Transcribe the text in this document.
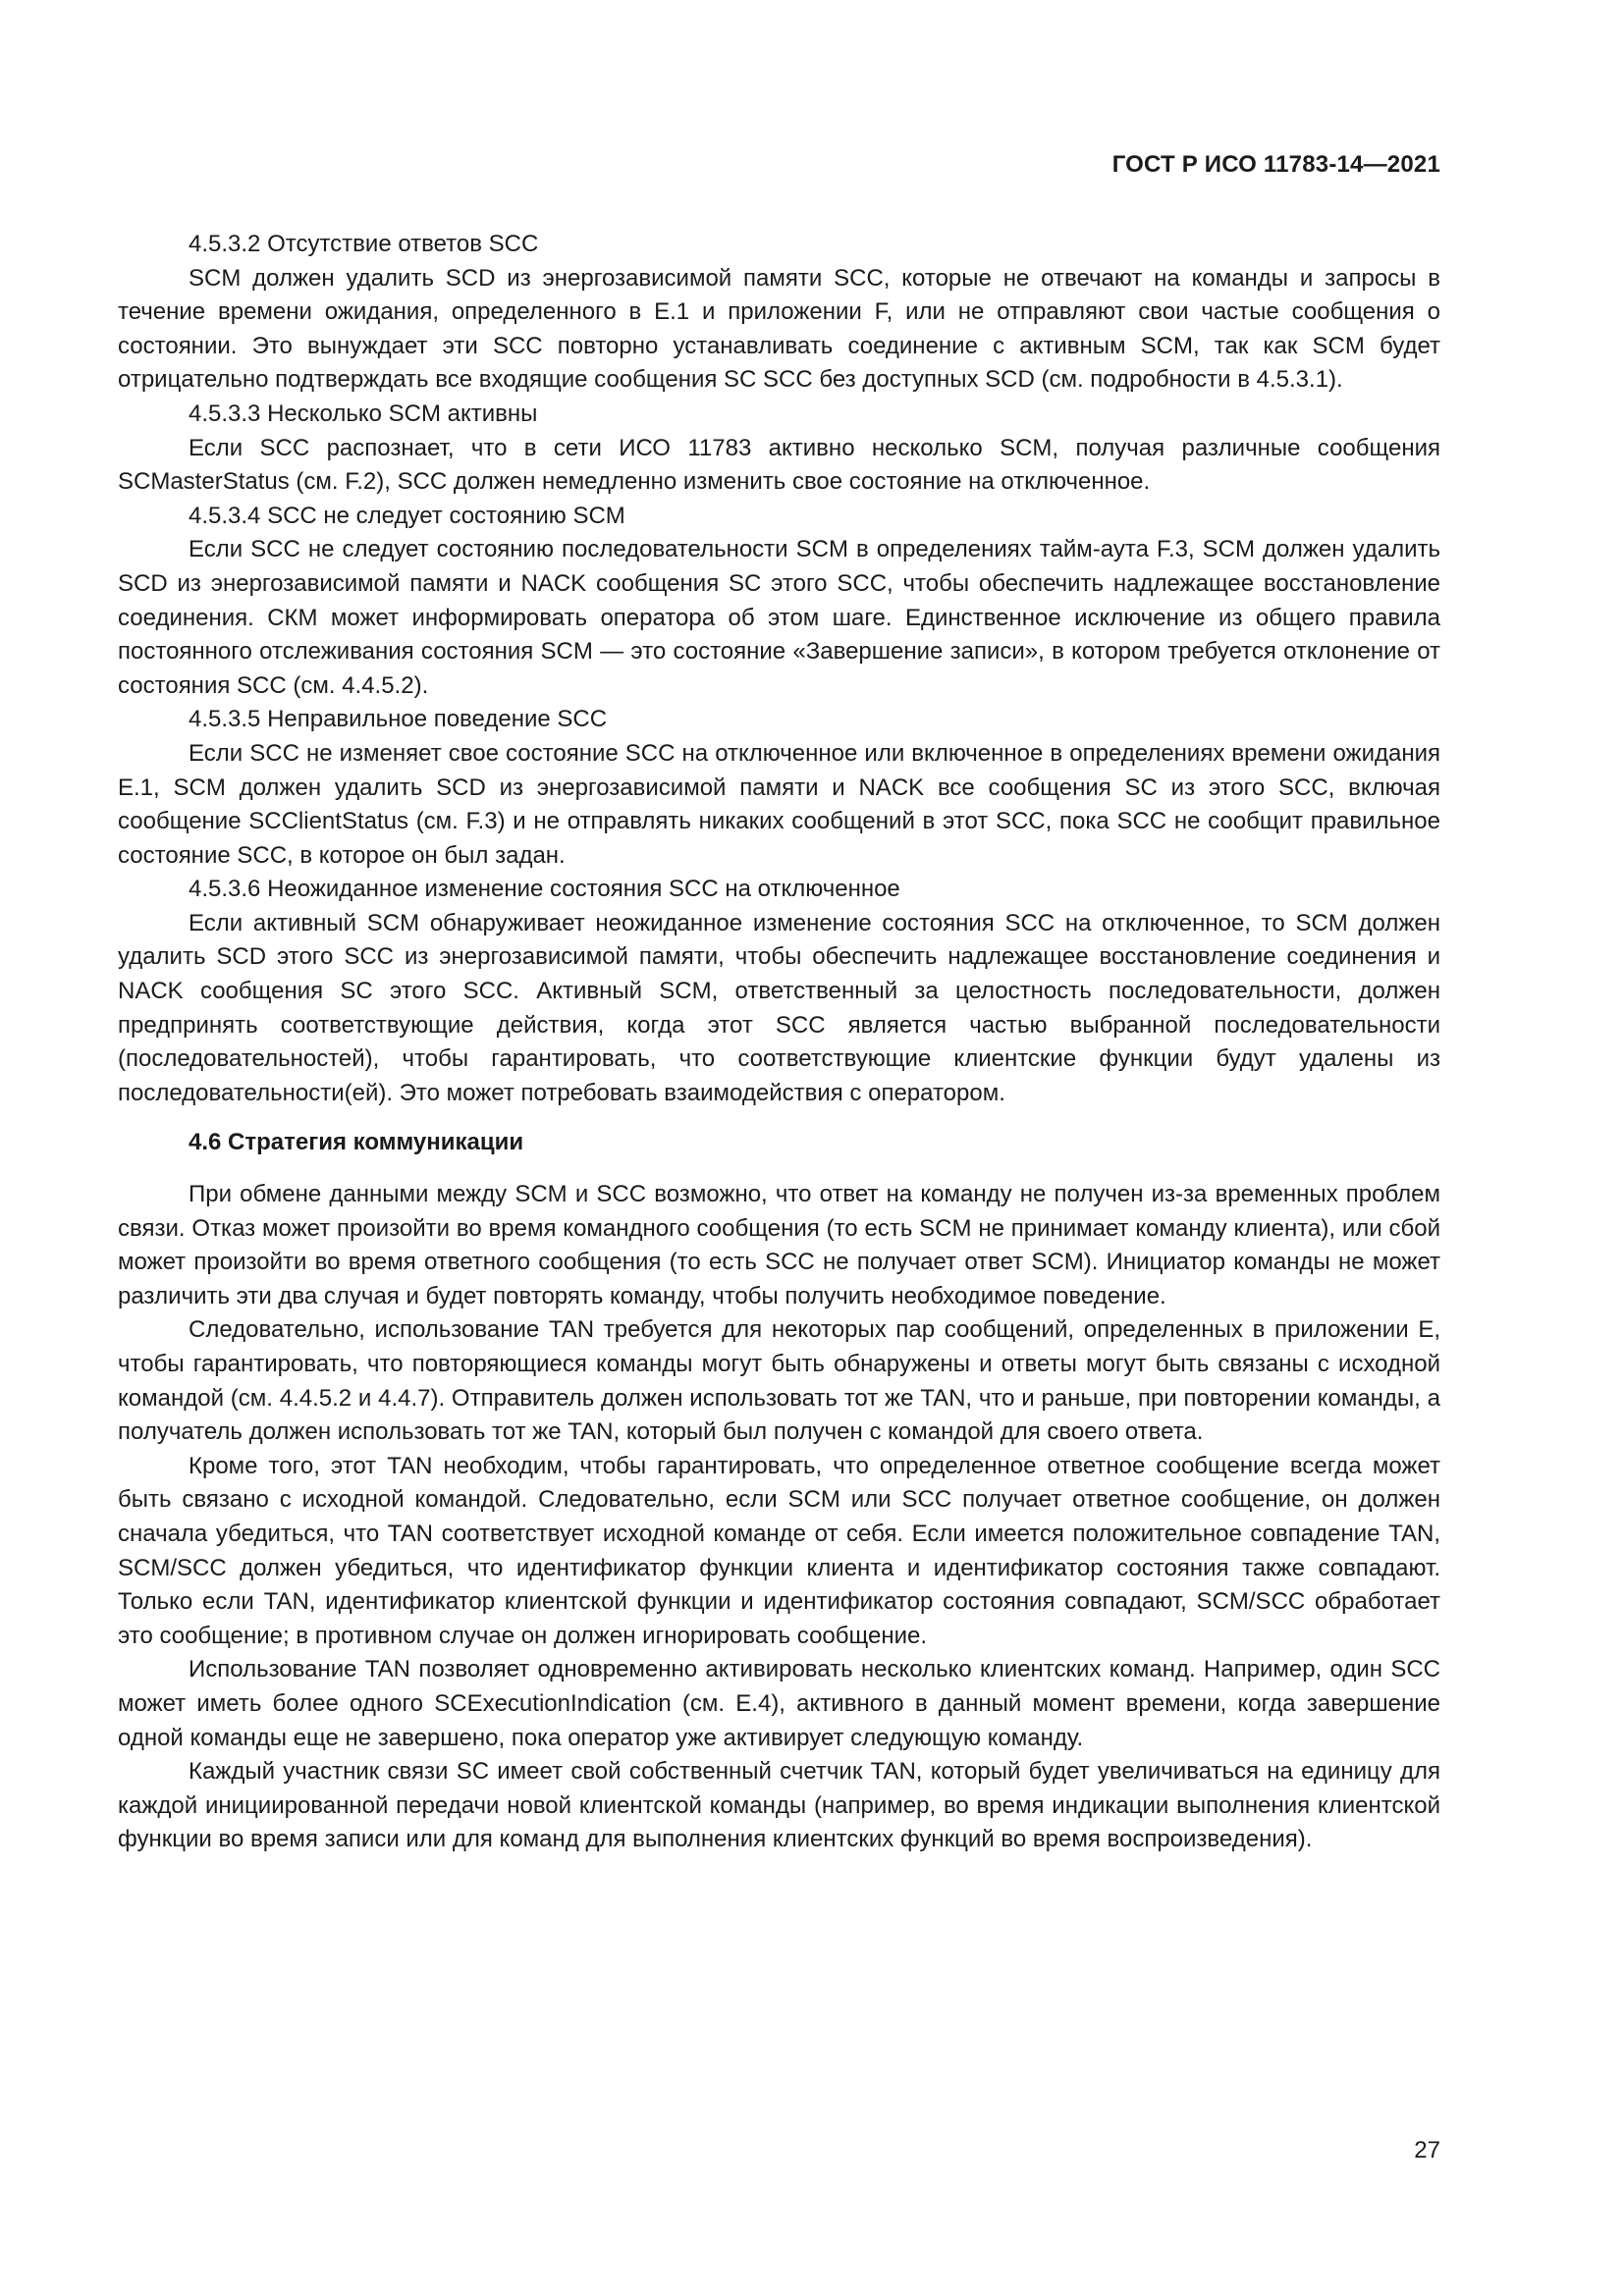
ГОСТ Р ИСО 11783-14—2021

4.5.3.2 Отсутствие ответов SCC

SCM должен удалить SCD из энергозависимой памяти SCC, которые не отвечают на команды и запросы в течение времени ожидания, определенного в Е.1 и приложении F, или не отправляют свои частые сообщения о состоянии. Это вынуждает эти SCC повторно устанавливать соединение с активным SCM, так как SCM будет отрицательно подтверждать все входящие сообщения SC SCC без доступных SCD (см. подробности в 4.5.3.1).

4.5.3.3 Несколько SCM активны

Если SCC распознает, что в сети ИСО 11783 активно несколько SCM, получая различные сообщения SCMasterStatus (см. F.2), SCC должен немедленно изменить свое состояние на отключенное.

4.5.3.4 SCC не следует состоянию SCM

Если SCC не следует состоянию последовательности SCM в определениях тайм-аута F.3, SCM должен удалить SCD из энергозависимой памяти и NACK сообщения SC этого SCC, чтобы обеспечить надлежащее восстановление соединения. СКМ может информировать оператора об этом шаге. Единственное исключение из общего правила постоянного отслеживания состояния SCM — это состояние «Завершение записи», в котором требуется отклонение от состояния SCC (см. 4.4.5.2).

4.5.3.5 Неправильное поведение SCC

Если SCC не изменяет свое состояние SCC на отключенное или включенное в определениях времени ожидания Е.1, SCM должен удалить SCD из энергозависимой памяти и NACK все сообщения SC из этого SCC, включая сообщение SCClientStatus (см. F.3) и не отправлять никаких сообщений в этот SCC, пока SCC не сообщит правильное состояние SCC, в которое он был задан.

4.5.3.6 Неожиданное изменение состояния SCC на отключенное

Если активный SCM обнаруживает неожиданное изменение состояния SCC на отключенное, то SCM должен удалить SCD этого SCC из энергозависимой памяти, чтобы обеспечить надлежащее восстановление соединения и NACK сообщения SC этого SCC. Активный SCM, ответственный за целостность последовательности, должен предпринять соответствующие действия, когда этот SCC является частью выбранной последовательности (последовательностей), чтобы гарантировать, что соответствующие клиентские функции будут удалены из последовательности(ей). Это может потребовать взаимодействия с оператором.

4.6 Стратегия коммуникации

При обмене данными между SCM и SCC возможно, что ответ на команду не получен из-за временных проблем связи. Отказ может произойти во время командного сообщения (то есть SCM не принимает команду клиента), или сбой может произойти во время ответного сообщения (то есть SCC не получает ответ SCM). Инициатор команды не может различить эти два случая и будет повторять команду, чтобы получить необходимое поведение.

Следовательно, использование TAN требуется для некоторых пар сообщений, определенных в приложении Е, чтобы гарантировать, что повторяющиеся команды могут быть обнаружены и ответы могут быть связаны с исходной командой (см. 4.4.5.2 и 4.4.7). Отправитель должен использовать тот же TAN, что и раньше, при повторении команды, а получатель должен использовать тот же TAN, который был получен с командой для своего ответа.

Кроме того, этот TAN необходим, чтобы гарантировать, что определенное ответное сообщение всегда может быть связано с исходной командой. Следовательно, если SCM или SCC получает ответное сообщение, он должен сначала убедиться, что TAN соответствует исходной команде от себя. Если имеется положительное совпадение TAN, SCM/SCC должен убедиться, что идентификатор функции клиента и идентификатор состояния также совпадают. Только если TAN, идентификатор клиентской функции и идентификатор состояния совпадают, SCM/SCC обработает это сообщение; в противном случае он должен игнорировать сообщение.

Использование TAN позволяет одновременно активировать несколько клиентских команд. Например, один SCC может иметь более одного SCExecutionIndication (см. Е.4), активного в данный момент времени, когда завершение одной команды еще не завершено, пока оператор уже активирует следующую команду.

Каждый участник связи SC имеет свой собственный счетчик TAN, который будет увеличиваться на единицу для каждой инициированной передачи новой клиентской команды (например, во время индикации выполнения клиентской функции во время записи или для команд для выполнения клиентских функций во время воспроизведения).

27
